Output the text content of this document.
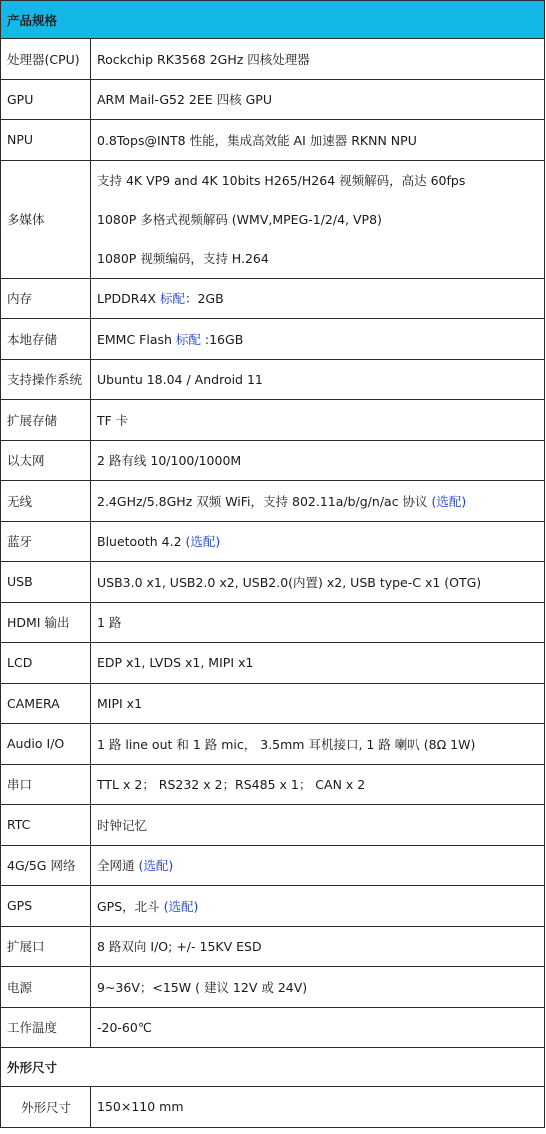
产品规格	
处理器(CPU)	Rockchip RK3568 2GHz 四核处理器
GPU	ARM Mail-G52 2EE 四核 GPU
NPU	0.8Tops@INT8 性能，集成高效能 AI 加速器 RKNN NPU
多媒体	支持 4K VP9 and 4K 10bits H265/H264 视频解码，高达 60fps
1080P 多格式视频解码 (WMV,MPEG-1/2/4, VP8)
1080P 视频编码，支持 H.264

内存	LPDDR4X 标配：2GB
本地存储	EMMC Flash 标配 :16GB
支持操作系统	Ubuntu 18.04 / Android 11
扩展存储	TF 卡
以太网	2 路有线 10/100/1000M
无线	2.4GHz/5.8GHz 双频 WiFi，支持 802.11a/b/g/n/ac 协议 (选配)
蓝牙	Bluetooth 4.2 (选配)
USB	USB3.0 x1, USB2.0 x2, USB2.0(内置) x2, USB type-C x1 (OTG)
HDMI 输出	1 路
LCD	EDP x1, LVDS x1, MIPI x1
CAMERA	MIPI x1
Audio I/O	1 路 line out 和 1 路 mic， 3.5mm 耳机接口, 1 路 喇叭 (8Ω 1W)
串口	TTL x 2； RS232 x 2；RS485 x 1； CAN x 2
RTC	时钟记忆
4G/5G 网络	全网通 (选配)
GPS	GPS，北斗 (选配)
扩展口	8 路双向 I/O; +/- 15KV ESD
电源	9~36V；<15W ( 建议 12V 或 24V)
工作温度	-20-60℃
外形尺寸	
外形尺寸	150×110 mm
